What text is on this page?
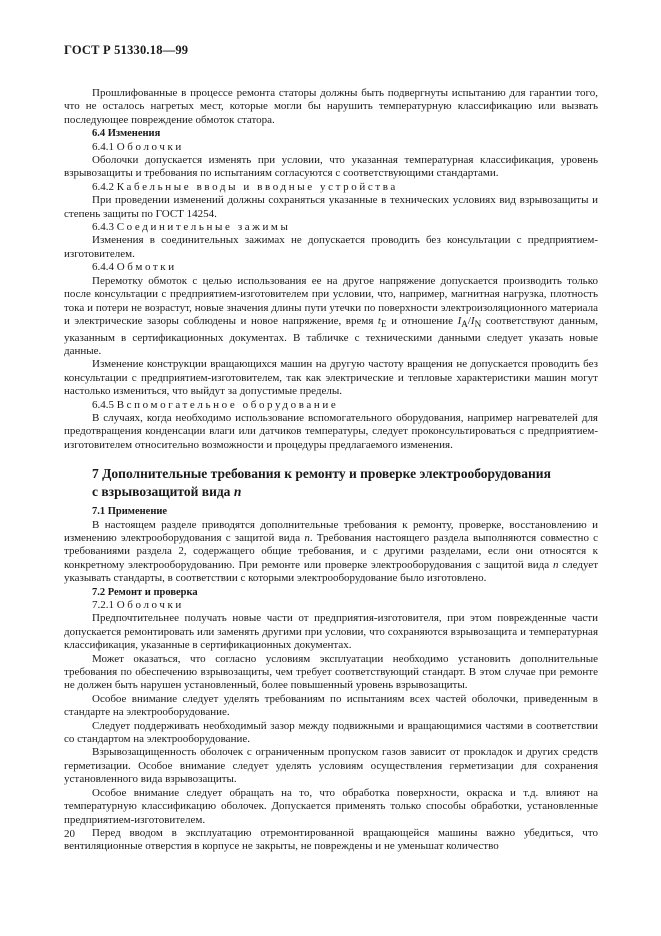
ГОСТ Р 51330.18—99

Прошлифованные в процессе ремонта статоры должны быть подвергнуты испытанию для гарантии того, что не осталось нагретых мест, которые могли бы нарушить температурную классификацию или вызвать последующее повреждение обмоток статора.

6.4 Изменения

6.4.1 Оболочки

Оболочки допускается изменять при условии, что указанная температурная классификация, уровень взрывозащиты и требования по испытаниям согласуются с соответствующими стандартами.

6.4.2 Кабельные вводы и вводные устройства

При проведении изменений должны сохраняться указанные в технических условиях вид взрывозащиты и степень защиты по ГОСТ 14254.

6.4.3 Соединительные зажимы

Изменения в соединительных зажимах не допускается проводить без консультации с предприятием-изготовителем.

6.4.4 Обмотки

Перемотку обмоток с целью использования ее на другое напряжение допускается производить только после консультации с предприятием-изготовителем при условии, что, например, магнитная нагрузка, плотность тока и потери не возрастут, новые значения длины пути утечки по поверхности электроизоляционного материала и электрические зазоры соблюдены и новое напряжение, время $t_E$ и отношение $I_A/I_N$ соответствуют данным, указанным в сертификационных документах. В табличке с техническими данными следует указать новые данные.

Изменение конструкции вращающихся машин на другую частоту вращения не допускается проводить без консультации с предприятием-изготовителем, так как электрические и тепловые характеристики машин могут настолько измениться, что выйдут за допустимые пределы.

6.4.5 Вспомогательное оборудование

В случаях, когда необходимо использование вспомогательного оборудования, например нагревателей для предотвращения конденсации влаги или датчиков температуры, следует проконсультироваться с предприятием-изготовителем относительно возможности и процедуры предлагаемого изменения.

7 Дополнительные требования к ремонту и проверке электрооборудования с взрывозащитой вида n

7.1 Применение

В настоящем разделе приводятся дополнительные требования к ремонту, проверке, восстановлению и изменению электрооборудования с защитой вида n. Требования настоящего раздела выполняются совместно с требованиями раздела 2, содержащего общие требования, и с другими разделами, если они относятся к конкретному электрооборудованию. При ремонте или проверке электрооборудования с защитой вида n следует указывать стандарты, в соответствии с которыми электрооборудование было изготовлено.

7.2 Ремонт и проверка

7.2.1 Оболочки

Предпочтительнее получать новые части от предприятия-изготовителя, при этом поврежденные части допускается ремонтировать или заменять другими при условии, что сохраняются взрывозащита и температурная классификация, указанные в сертификационных документах.

Может оказаться, что согласно условиям эксплуатации необходимо установить дополнительные требования по обеспечению взрывозащиты, чем требует соответствующий стандарт. В этом случае при ремонте не должен быть нарушен установленный, более повышенный уровень взрывозащиты.

Особое внимание следует уделять требованиям по испытаниям всех частей оболочки, приведенным в стандарте на электрооборудование.

Следует поддерживать необходимый зазор между подвижными и вращающимися частями в соответствии со стандартом на электрооборудование.

Взрывозащищенность оболочек с ограниченным пропуском газов зависит от прокладок и других средств герметизации. Особое внимание следует уделять условиям осуществления герметизации для сохранения установленного вида взрывозащиты.

Особое внимание следует обращать на то, что обработка поверхности, окраска и т.д. влияют на температурную классификацию оболочек. Допускается применять только способы обработки, установленные предприятием-изготовителем.

Перед вводом в эксплуатацию отремонтированной вращающейся машины важно убедиться, что вентиляционные отверстия в корпусе не закрыты, не повреждены и не уменьшат количество

20
